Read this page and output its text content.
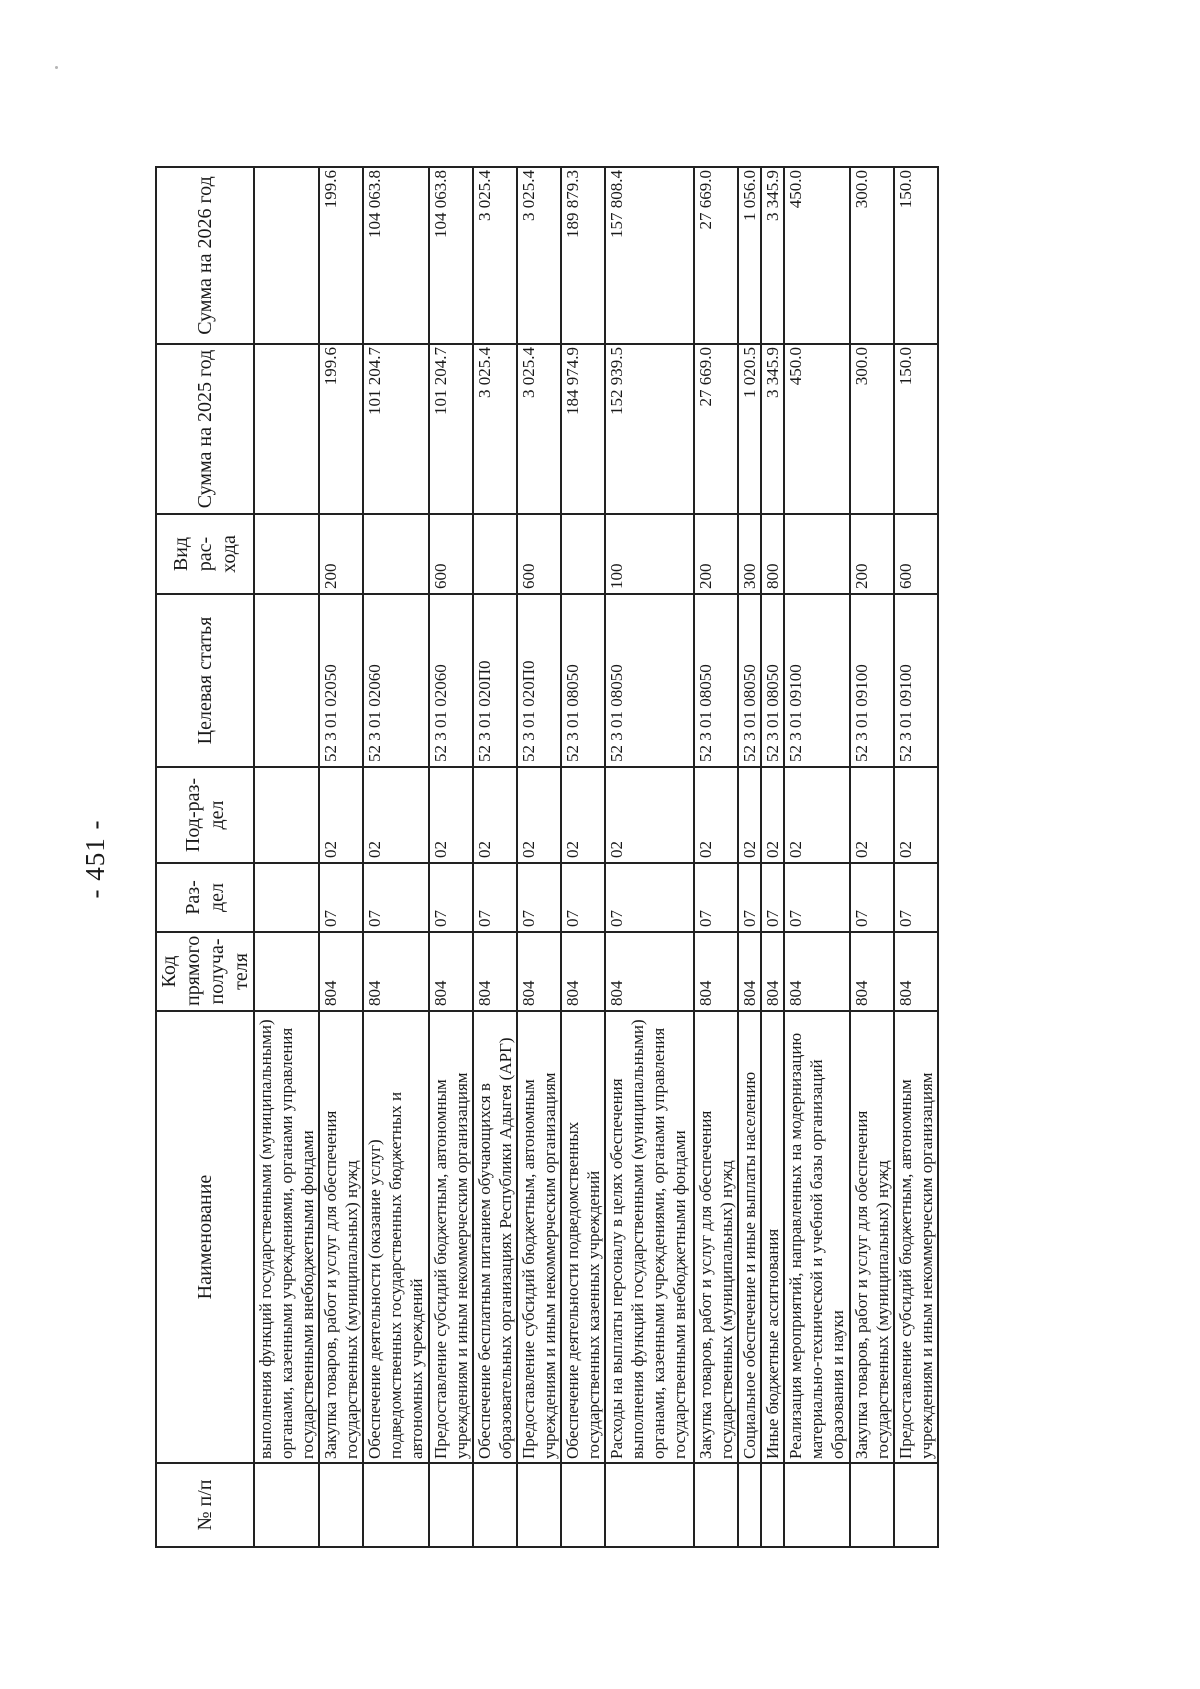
- 451 -
№ п/п	Наименование	Код прямого получа-теля	Раз-дел	Под-раз-дел	Целевая статья	Вид рас-хода	Сумма на 2025 год	Сумма на 2026 год
	выполнения функций государственными (муниципальными) органами, казенными учреждениями, органами управления государственными внебюджетными фондами							
	Закупка товаров, работ и услуг для обеспечения государственных (муниципальных) нужд	804	07	02	52 3 01 02050	200	199.6	199.6
	Обеспечение деятельности (оказание услуг) подведомственных государственных бюджетных и автономных учреждений	804	07	02	52 3 01 02060		101 204.7	104 063.8
	Предоставление субсидий бюджетным, автономным учреждениям и иным некоммерческим организациям	804	07	02	52 3 01 02060	600	101 204.7	104 063.8
	Обеспечение бесплатным питанием обучающихся в образовательных организациях Республики Адыгея (АРГ)	804	07	02	52 3 01 020П0		3 025.4	3 025.4
	Предоставление субсидий бюджетным, автономным учреждениям и иным некоммерческим организациям	804	07	02	52 3 01 020П0	600	3 025.4	3 025.4
	Обеспечение деятельности подведомственных государственных казенных учреждений	804	07	02	52 3 01 08050		184 974.9	189 879.3
	Расходы на выплаты персоналу в целях обеспечения выполнения функций государственными (муниципальными) органами, казенными учреждениями, органами управления государственными внебюджетными фондами	804	07	02	52 3 01 08050	100	152 939.5	157 808.4
	Закупка товаров, работ и услуг для обеспечения государственных (муниципальных) нужд	804	07	02	52 3 01 08050	200	27 669.0	27 669.0
	Социальное обеспечение и иные выплаты населению	804	07	02	52 3 01 08050	300	1 020.5	1 056.0
	Иные бюджетные ассигнования	804	07	02	52 3 01 08050	800	3 345.9	3 345.9
	Реализация мероприятий, направленных на модернизацию материально-технической и учебной базы организаций образования и науки	804	07	02	52 3 01 09100		450.0	450.0
	Закупка товаров, работ и услуг для обеспечения государственных (муниципальных) нужд	804	07	02	52 3 01 09100	200	300.0	300.0
	Предоставление субсидий бюджетным, автономным учреждениям и иным некоммерческим организациям	804	07	02	52 3 01 09100	600	150.0	150.0
